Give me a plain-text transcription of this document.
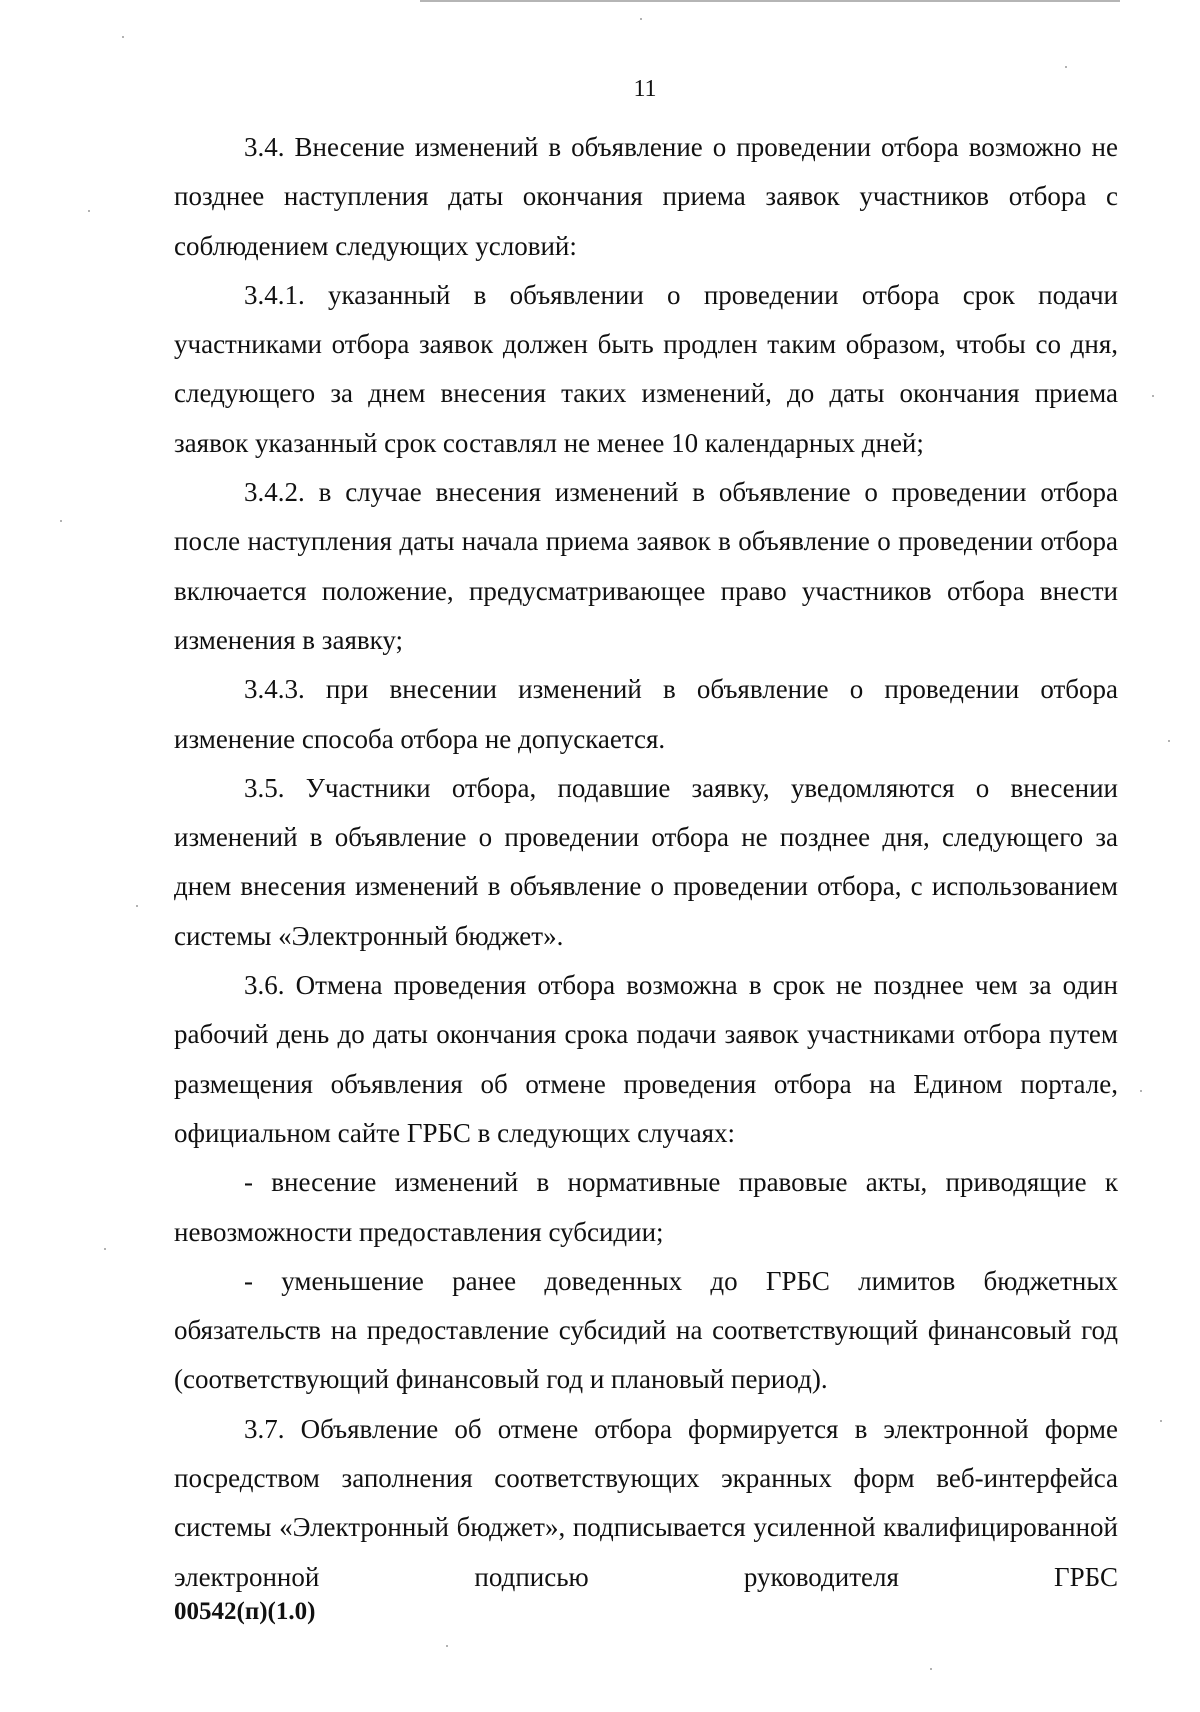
11

3.4. Внесение изменений в объявление о проведении отбора возможно не позднее наступления даты окончания приема заявок участников отбора с соблюдением следующих условий:

3.4.1. указанный в объявлении о проведении отбора срок подачи участниками отбора заявок должен быть продлен таким образом, чтобы со дня, следующего за днем внесения таких изменений, до даты окончания приема заявок указанный срок составлял не менее 10 календарных дней;

3.4.2. в случае внесения изменений в объявление о проведении отбора после наступления даты начала приема заявок в объявление о проведении отбора включается положение, предусматривающее право участников отбора внести изменения в заявку;

3.4.3. при внесении изменений в объявление о проведении отбора изменение способа отбора не допускается.

3.5. Участники отбора, подавшие заявку, уведомляются о внесении изменений в объявление о проведении отбора не позднее дня, следующего за днем внесения изменений в объявление о проведении отбора, с использованием системы «Электронный бюджет».

3.6. Отмена проведения отбора возможна в срок не позднее чем за один рабочий день до даты окончания срока подачи заявок участниками отбора путем размещения объявления об отмене проведения отбора на Едином портале, официальном сайте ГРБС в следующих случаях:

- внесение изменений в нормативные правовые акты, приводящие к невозможности предоставления субсидии;

- уменьшение ранее доведенных до ГРБС лимитов бюджетных обязательств на предоставление субсидий на соответствующий финансовый год (соответствующий финансовый год и плановый период).

3.7. Объявление об отмене отбора формируется в электронной форме посредством заполнения соответствующих экранных форм веб-интерфейса системы «Электронный бюджет», подписывается усиленной квалифицированной электронной подписью руководителя ГРБС

00542(п)(1.0)
